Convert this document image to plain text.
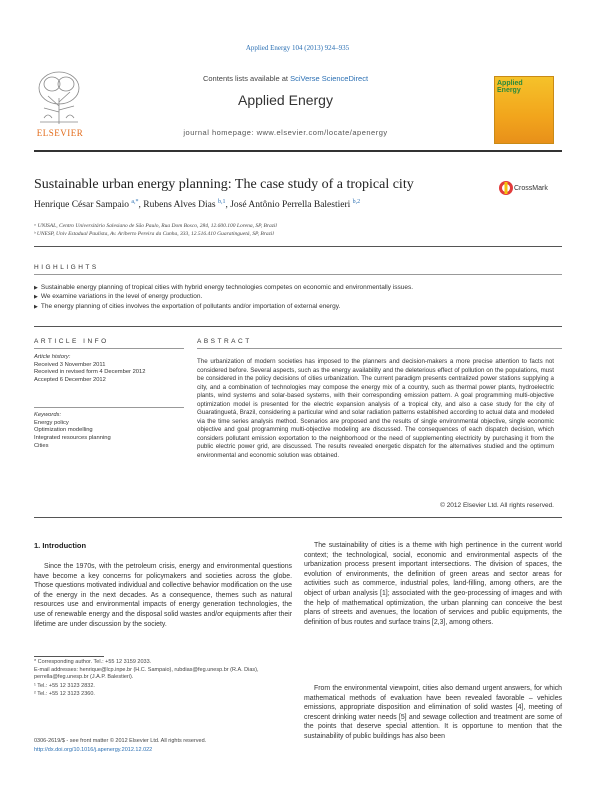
Applied Energy 104 (2013) 924–935
ELSEVIER
Contents lists available at SciVerse ScienceDirect
Applied Energy
journal homepage: www.elsevier.com/locate/apenergy
Applied
Energy
Sustainable urban energy planning: The case study of a tropical city	CrossMark
Henrique César Sampaio $^{a,*}$, Rubens Alves Dias $^{b,1}$, José Antônio Perrella Balestieri $^{b,2}$
ᵃ UNISAL, Centro Universitário Salesiano de São Paulo, Rua Dom Bosco, 284, 12.600.100 Lorena, SP, Brazil
ᵇ UNESP, Univ Estadual Paulista, Av. Ariberto Pereira da Cunha, 333, 12.516.410 Guaratinguetá, SP, Brazil
HIGHLIGHTS
▶ Sustainable energy planning of tropical cities with hybrid energy technologies competes on economic and environmentally issues.
▶ We examine variations in the level of energy production.
▶ The energy planning of cities involves the exportation of pollutants and/or importation of external energy.
ARTICLE INFO
Article history:
Received 3 November 2011
Received in revised form 4 December 2012
Accepted 6 December 2012
Keywords:
Energy policy
Optimization modelling
Integrated resources planning
Cities
ABSTRACT
The urbanization of modern societies has imposed to the planners and decision-makers a more precise attention to facts not considered before. Several aspects, such as the energy availability and the deleterious effect of pollution on the populations, must be considered in the policy decisions of cities urbanization. The current paradigm presents centralized power stations supplying a city, and a combination of technologies may compose the energy mix of a country, such as thermal power plants, hydroelectric plants, wind systems and solar-based systems, with their corresponding emission pattern. A goal programming multi-objective optimization model is presented for the electric expansion analysis of a tropical city, and also a case study for the city of Guaratinguetá, Brazil, considering a particular wind and solar radiation patterns established according to actual data and modeled via the time series analysis method. Scenarios are proposed and the results of single environmental objective, single economic objective and goal programming multi-objective modeling are discussed. The consequences of each dispatch decision, which considers pollutant emission exportation to the neighborhood or the need of supplementing electricity by purchasing it from the public electric power grid, are discussed. The results revealed energetic dispatch for the alternatives studied and the optimum environmental and economic solution was obtained.
© 2012 Elsevier Ltd. All rights reserved.
1. Introduction
Since the 1970s, with the petroleum crisis, energy and environmental questions have become a key concerns for policymakers and societies across the globe. Those questions motivated individual and collective behavior modification on the use of the energy in the next decades. As a consequence, themes such as natural resources use and environmental impacts of energy generation technologies, the use of renewable energy and the disposal solid wastes and/or equipments after their lifetime are under discussion by the society.
The sustainability of cities is a theme with high pertinence in the current world context; the technological, social, economic and environmental aspects of the urbanization process present important intersections. The division of spaces, the evolution of environments, the definition of green areas and sector areas for activities such as commerce, industrial poles, land-filling, among others, are the object of urban analysis [1]; associated with the geo-processing of images and with the help of mathematical optimization, the urban planning can conceive the best plans of streets and avenues, the location of services and public equipments, the definition of bus routes and surface trains [2,3], among others.
From the environmental viewpoint, cities also demand urgent answers, for which mathematical methods of evaluation have been revealed favorable – vehicles emissions, appropriate disposition and elimination of solid wastes [4], meeting of crescent drinking water needs [5] and sewage collection and treatment are some of the points that deserve special attention. It is opportune to mention that the sustainability of public buildings has also been
* Corresponding author. Tel.: +55 12 3159 2033.
E-mail addresses: henrique@lcp.inpe.br (H.C. Sampaio), rubdias@feg.unesp.br (R.A. Dias), perrella@feg.unesp.br (J.A.P. Balestieri).
¹ Tel.: +55 12 3123 2832.
² Tel.: +55 12 3123 2360.
0306-2619/$ - see front matter © 2012 Elsevier Ltd. All rights reserved.
http://dx.doi.org/10.1016/j.apenergy.2012.12.022
